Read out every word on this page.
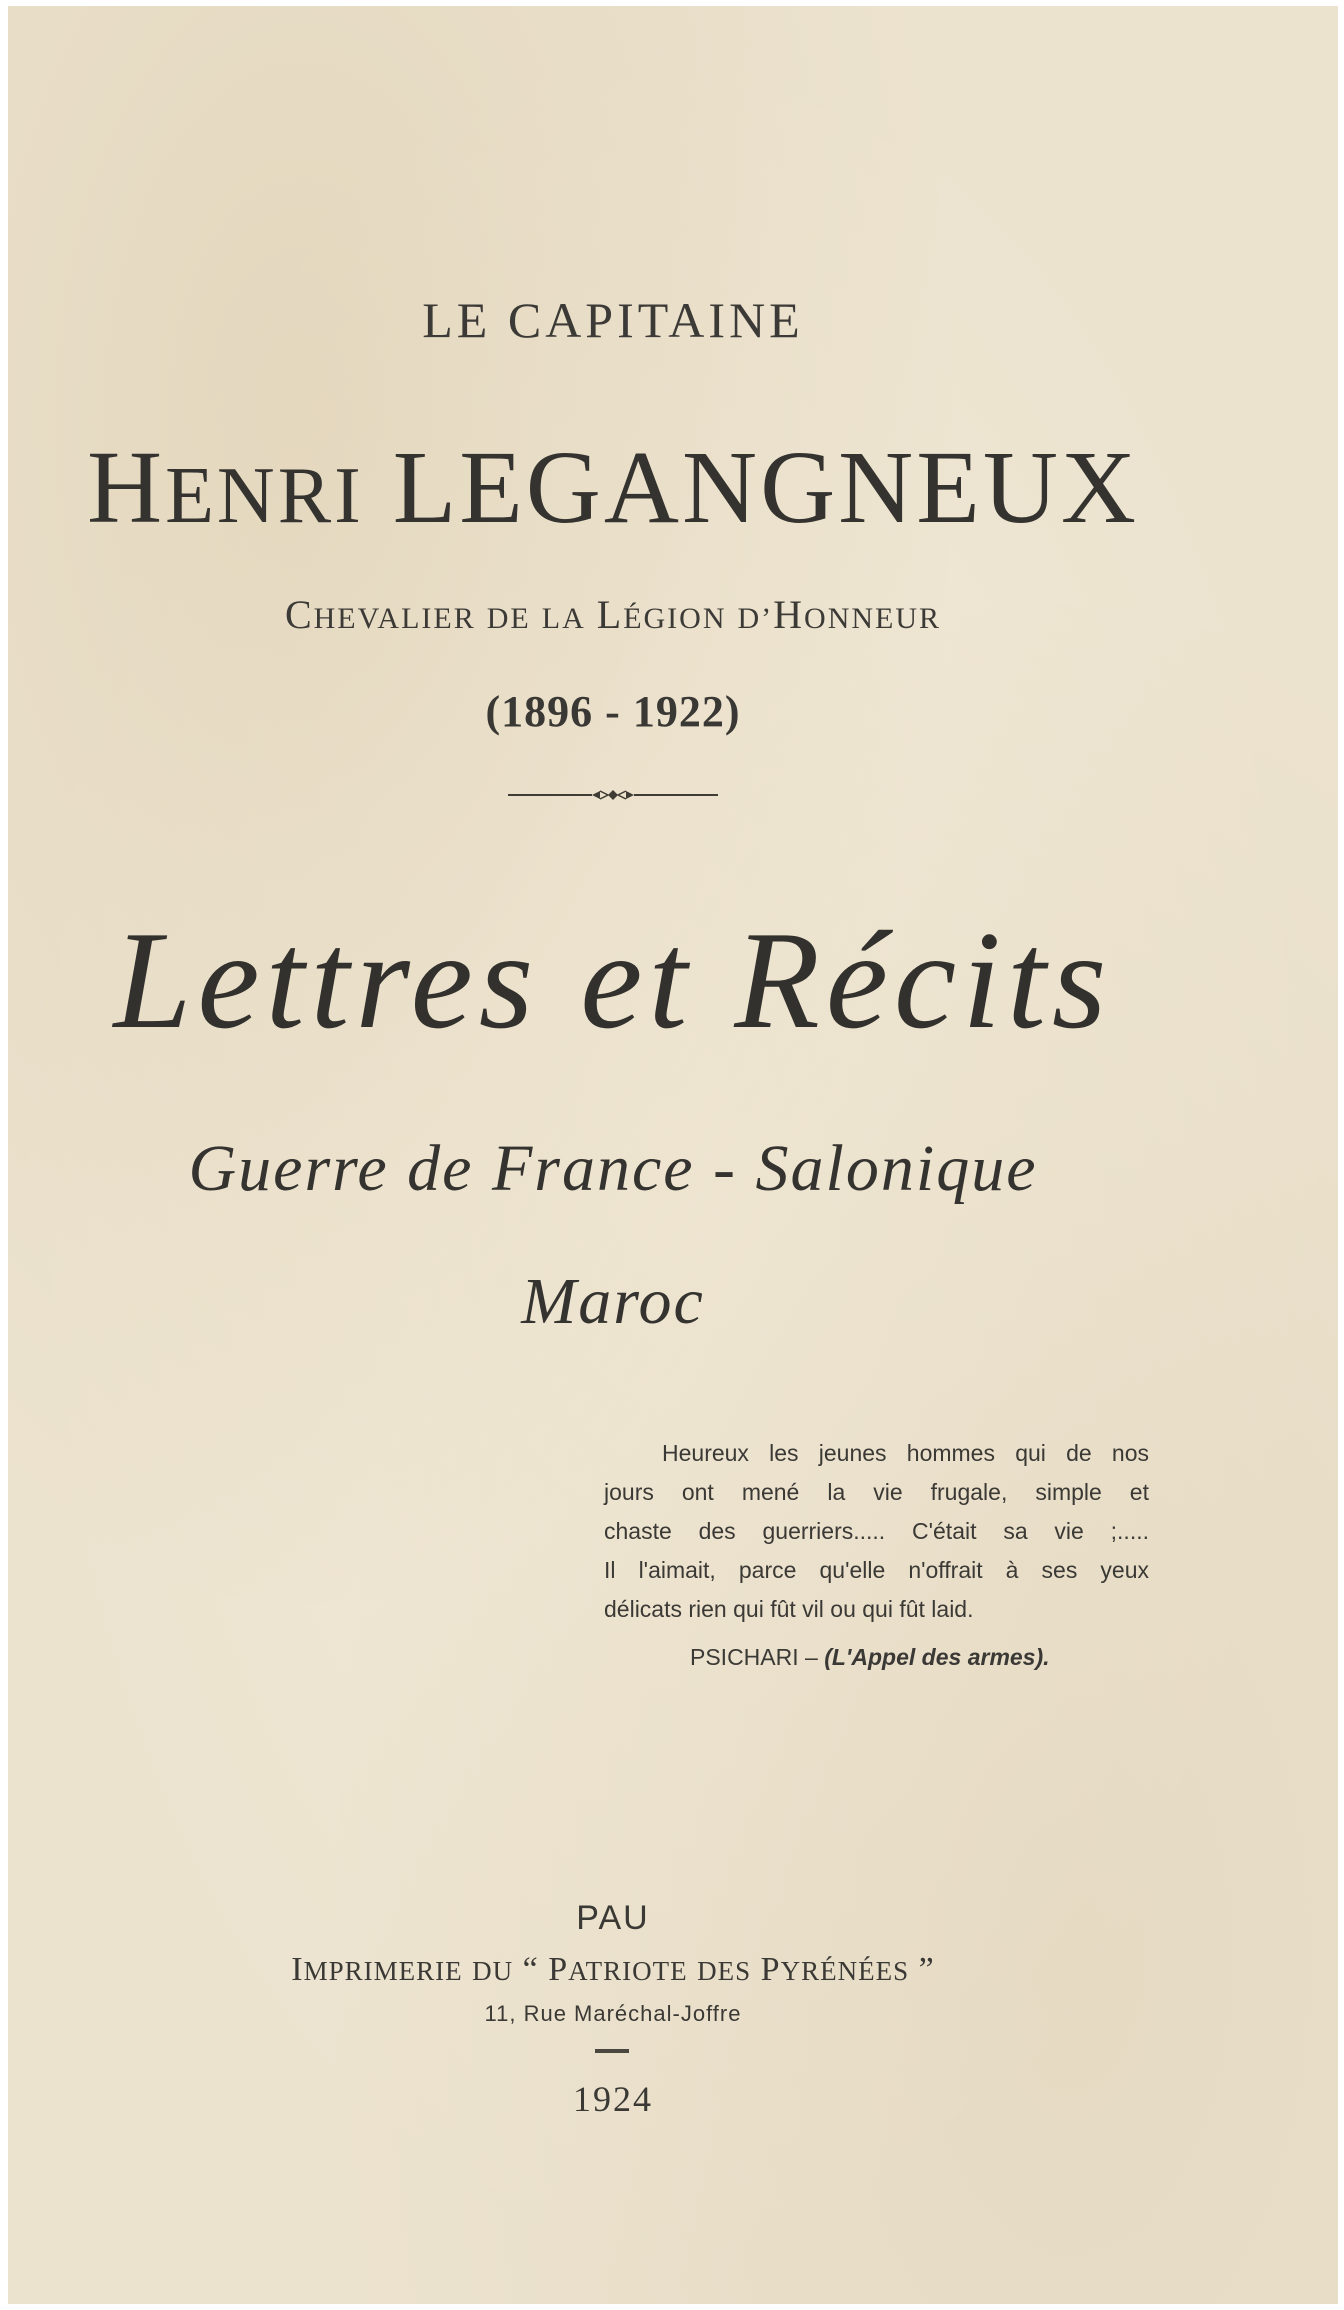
LE CAPITAINE
HENRI LEGANGNEUX
CHEVALIER DE LA LÉGION D’HONNEUR
(1896 - 1922)
Lettres et Récits
Guerre de France - Salonique
Maroc
Heureux les jeunes hommes qui de nos
jours ont mené la vie frugale, simple et
chaste des guerriers..... C'était sa vie ;.....
Il l'aimait, parce qu'elle n'offrait à ses yeux
délicats rien qui fût vil ou qui fût laid.
PSICHARI – (L'Appel des armes).
PAU
IMPRIMERIE DU “ PATRIOTE DES PYRÉNÉES ”
11, Rue Maréchal-Joffre
1924
